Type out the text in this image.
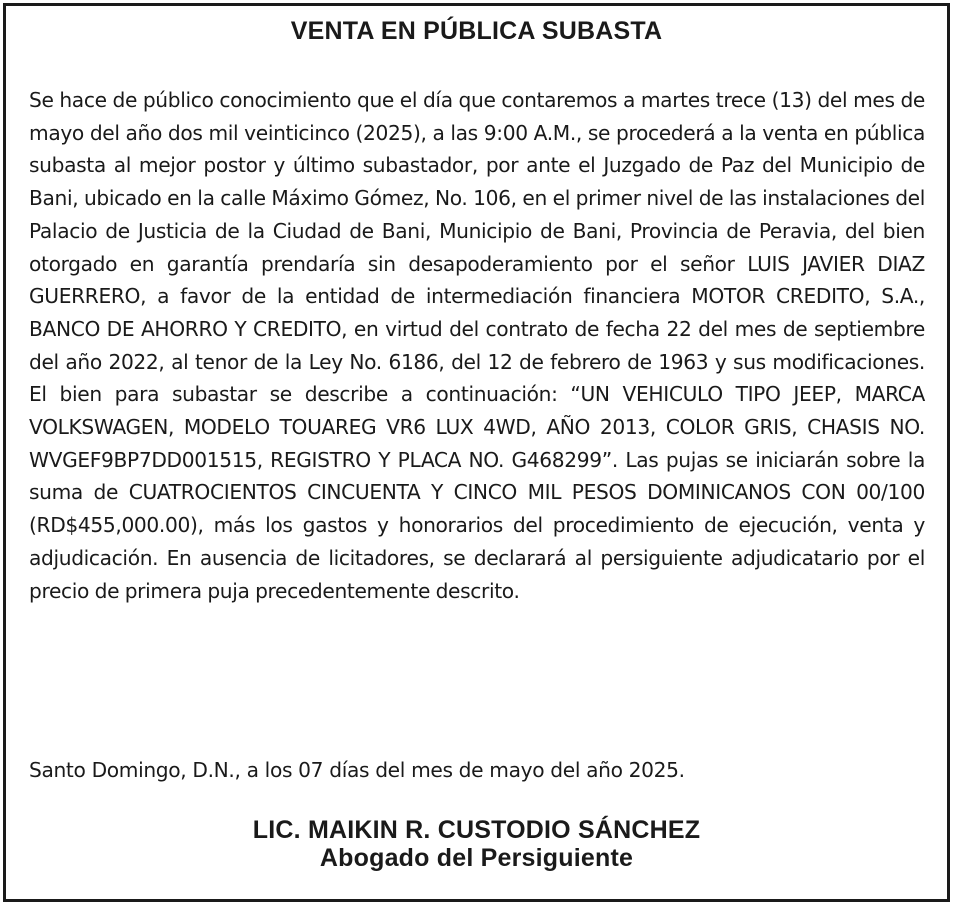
VENTA EN PÚBLICA SUBASTA

Se hace de público conocimiento que el día que contaremos a martes trece (13) del mes de mayo del año dos mil veinticinco (2025), a las 9:00 A.M., se procederá a la venta en pública subasta al mejor postor y último subastador, por ante el Juzgado de Paz del Municipio de Bani, ubicado en la calle Máximo Gómez, No. 106, en el primer nivel de las instalaciones del Palacio de Justicia de la Ciudad de Bani, Municipio de Bani, Provincia de Peravia, del bien otorgado en garantía prendaría sin desapoderamiento por el señor LUIS JAVIER DIAZ GUERRERO, a favor de la entidad de intermediación financiera MOTOR CREDITO, S.A., BANCO DE AHORRO Y CREDITO, en virtud del contrato de fecha 22 del mes de septiembre del año 2022, al tenor de la Ley No. 6186, del 12 de febrero de 1963 y sus modificaciones. El bien para subastar se describe a continuación: “UN VEHICULO TIPO JEEP, MARCA VOLKSWAGEN, MODELO TOUAREG VR6 LUX 4WD, AÑO 2013, COLOR GRIS, CHASIS NO. WVGEF9BP7DD001515, REGISTRO Y PLACA NO. G468299”. Las pujas se iniciarán sobre la suma de CUATROCIENTOS CINCUENTA Y CINCO MIL PESOS DOMINICANOS CON 00/100 (RD$455,000.00), más los gastos y honorarios del procedimiento de ejecución, venta y adjudicación. En ausencia de licitadores, se declarará al persiguiente adjudicatario por el precio de primera puja precedentemente descrito.

Santo Domingo, D.N., a los 07 días del mes de mayo del año 2025.

LIC. MAIKIN R. CUSTODIO SÁNCHEZ
Abogado del Persiguiente
